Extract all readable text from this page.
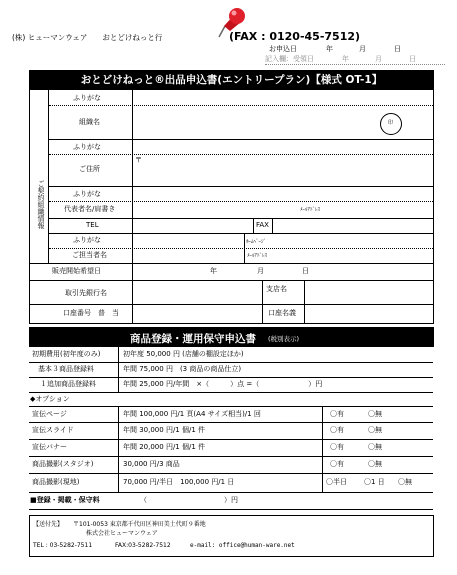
(株) ヒューマンウェア　　おとどけねっと行	(FAX : 0120-45-7512)
お申込日	年	月	日
記入欄：受領日	年	月	日
おとどけねっと®出品申込書(エントリープラン)【様式 OT-1】
ご契約組織情報
ふりがな
組織名	印
ふりがな
〒
ご住所
ふりがな
代表者名/肩書き	ﾒｰﾙｱﾄﾞﾚｽ
TEL	FAX
ふりがな	ﾎｰﾑﾍﾟｰｼﾞ
ご担当者名	ﾒｰﾙｱﾄﾞﾚｽ
販売開始希望日	年	月	日
取引先銀行名	支店名
口座番号　普　当	口座名義
商品登録・運用保守申込書 (税別表示)
初期費用(初年度のみ)	初年度 50,000 円 (店舗の棚設定ほか)
基本３商品登録料	年間 75,000 円　(3 商品の商品仕立)
１追加商品登録料	年間 25,000 円/年間　×（　　　）点 =（　　　　　　　）円
◆オプション
宣伝ページ	年間 100,000 円/1 頁(A4 サイズ相当)/1 回	〇有	〇無
宣伝スライド	年間 30,000 円/1 個/1 件	〇有	〇無
宣伝バナー	年間 20,000 円/1 個/1 件	〇有	〇無
商品撮影(スタジオ)	30,000 円/3 商品	〇有	〇無
商品撮影(現地)	70,000 円/半日　100,000 円/1 日	〇半日 〇1 日 〇無
■登録・掲載・保守料	（　　　　　　　　　　　）円
【送付先】 〒101-0053 東京都千代田区神田美土代町９番地
株式会社ヒューマンウェア
TEL : 03-5282-7511	FAX:03-5282-7512	e-mail: office@human-ware.net
